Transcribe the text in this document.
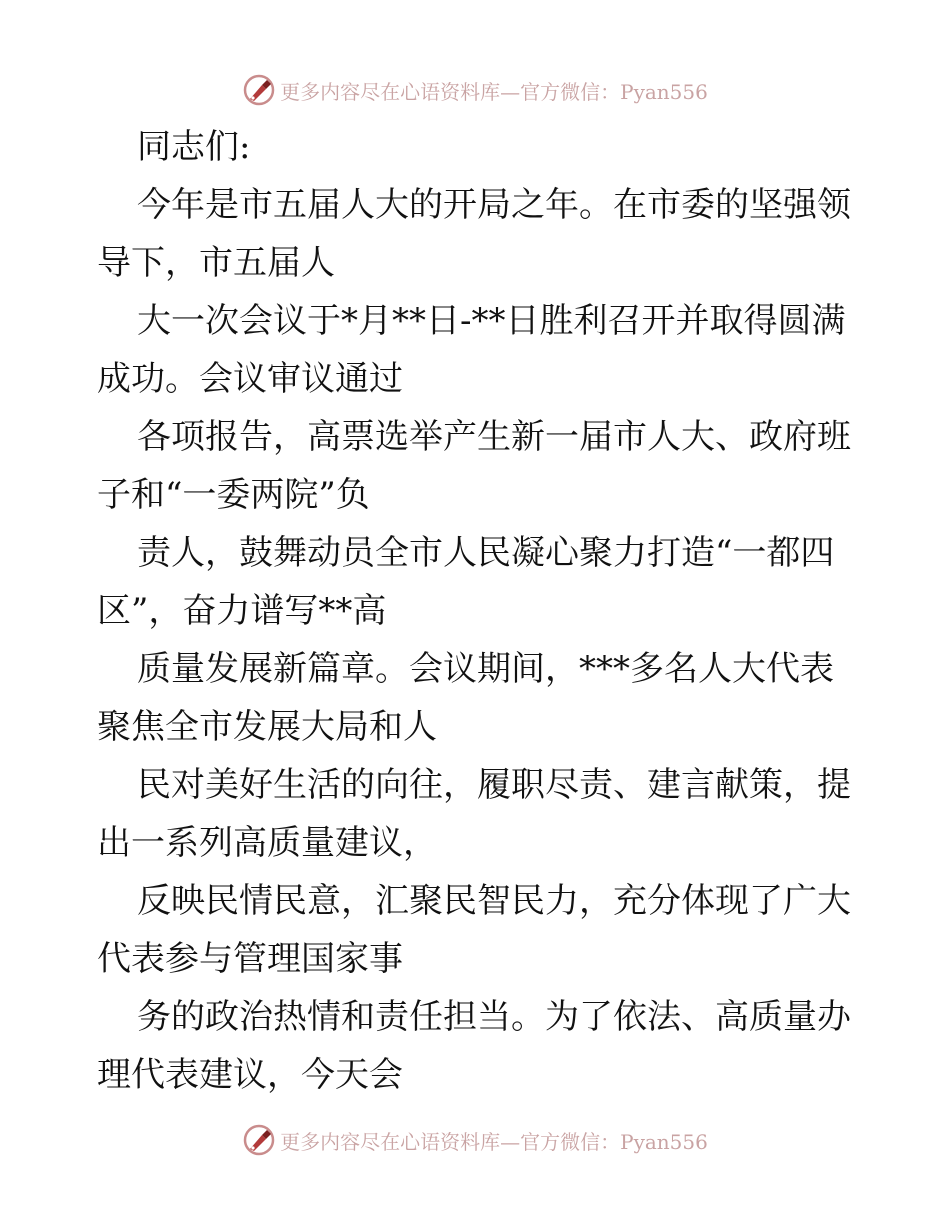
更多内容尽在心语资料库—官方微信：Pyan556
同志们:
今年是市五届人大的开局之年。在市委的坚强领
导下，市五届人
大一次会议于*月**日-**日胜利召开并取得圆满
成功。会议审议通过
各项报告，高票选举产生新一届市人大、政府班
子和“一委两院”负
责人，鼓舞动员全市人民凝心聚力打造“一都四
区”，奋力谱写**高
质量发展新篇章。会议期间，***多名人大代表
聚焦全市发展大局和人
民对美好生活的向往，履职尽责、建言献策，提
出一系列高质量建议，
反映民情民意，汇聚民智民力，充分体现了广大
代表参与管理国家事
务的政治热情和责任担当。为了依法、高质量办
理代表建议，今天会
更多内容尽在心语资料库—官方微信：Pyan556
